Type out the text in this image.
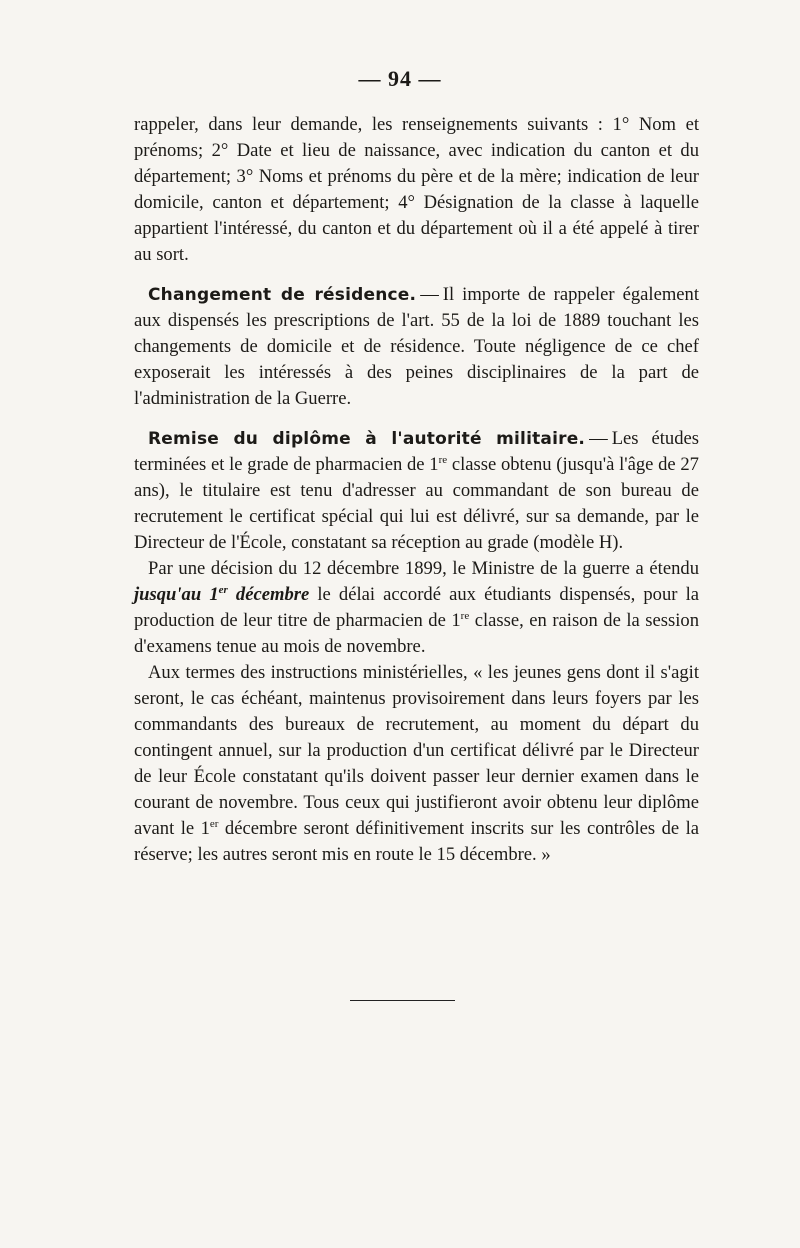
— 94 —

rappeler, dans leur demande, les renseignements suivants : 1° Nom et prénoms; 2° Date et lieu de naissance, avec indication du canton et du département; 3° Noms et prénoms du père et de la mère; indication de leur domicile, canton et département; 4° Désignation de la classe à laquelle appartient l'intéressé, du canton et du département où il a été appelé à tirer au sort.

Changement de résidence. — Il importe de rappeler également aux dispensés les prescriptions de l'art. 55 de la loi de 1889 touchant les changements de domicile et de résidence. Toute négligence de ce chef exposerait les intéressés à des peines disciplinaires de la part de l'administration de la Guerre.

Remise du diplôme à l'autorité militaire. — Les études terminées et le grade de pharmacien de 1re classe obtenu (jusqu'à l'âge de 27 ans), le titulaire est tenu d'adresser au commandant de son bureau de recrutement le certificat spécial qui lui est délivré, sur sa demande, par le Directeur de l'École, constatant sa réception au grade (modèle H).

Par une décision du 12 décembre 1899, le Ministre de la guerre a étendu jusqu'au 1er décembre le délai accordé aux étudiants dispensés, pour la production de leur titre de pharmacien de 1re classe, en raison de la session d'examens tenue au mois de novembre.

Aux termes des instructions ministérielles, « les jeunes gens dont il s'agit seront, le cas échéant, maintenus provisoirement dans leurs foyers par les commandants des bureaux de recrutement, au moment du départ du contingent annuel, sur la production d'un certificat délivré par le Directeur de leur École constatant qu'ils doivent passer leur dernier examen dans le courant de novembre. Tous ceux qui justifieront avoir obtenu leur diplôme avant le 1er décembre seront définitivement inscrits sur les contrôles de la réserve; les autres seront mis en route le 15 décembre. »
